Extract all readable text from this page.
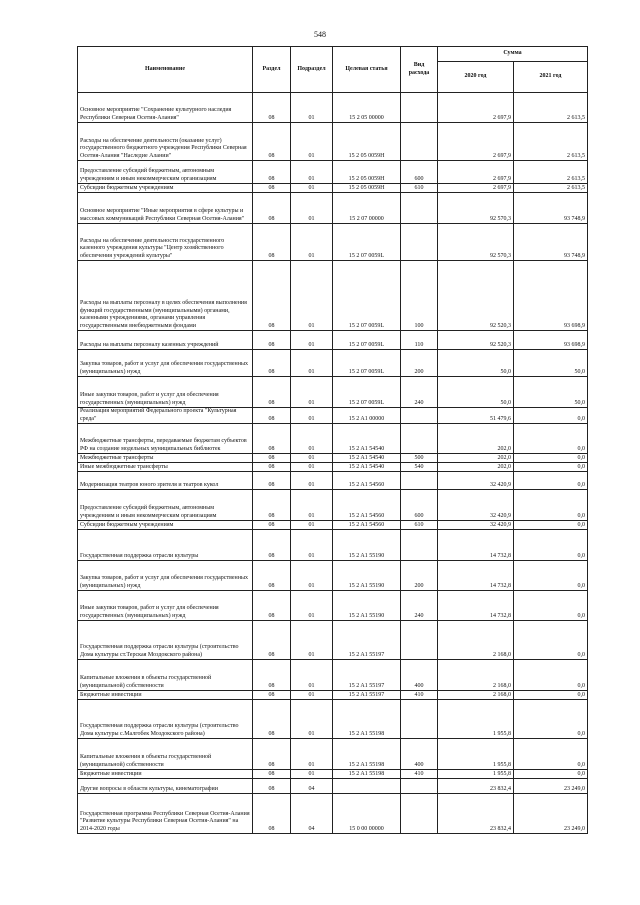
548
Наименование	Раздел	Подраздел	Целевая статья	Вид расхода	Сумма	
					2020 год	2021 год
Основное мероприятие "Сохранение культурного наследия Республики Северная Осетия-Алания"	08	01	15 2 05 00000		2 697,9	2 613,5
Расходы на обеспечение деятельности (оказание услуг) государственного бюджетного учреждения Республики Северная Осетия-Алания "Наследие Алании"	08	01	15 2 05 0059Н		2 697,9	2 613,5
Предоставление субсидий бюджетным, автономным учреждениям и иным некоммерческим организациям	08	01	15 2 05 0059Н	600	2 697,9	2 613,5
Субсидии бюджетным учреждениям	08	01	15 2 05 0059Н	610	2 697,9	2 613,5
Основное мероприятие "Иные мероприятия в сфере культуры и массовых коммуникаций Республики Северная Осетия-Алания"	08	01	15 2 07 00000		92 570,3	93 748,9
Расходы на обеспечение деятельности государственного казенного учреждения культуры "Центр хозяйственного обеспечения учреждений культуры"	08	01	15 2 07 0059L		92 570,3	93 748,9
Расходы на выплаты персоналу в целях обеспечения выполнения функций государственными (муниципальными) органами, казенными учреждениями, органами управления государственными внебюджетными фондами	08	01	15 2 07 0059L	100	92 520,3	93 698,9
Расходы на выплаты персоналу казенных учреждений	08	01	15 2 07 0059L	110	92 520,3	93 698,9
Закупка товаров, работ и услуг для обеспечения государственных (муниципальных) нужд	08	01	15 2 07 0059L	200	50,0	50,0
Иные закупки товаров, работ и услуг для обеспечения государственных (муниципальных) нужд	08	01	15 2 07 0059L	240	50,0	50,0
Реализация мероприятий Федерального проекта "Культурная среда"	08	01	15 2 A1 00000		51 479,6	0,0
Межбюджетные трансферты, передаваемые бюджетам субъектов РФ на создание модельных муниципальных библиотек	08	01	15 2 A1 54540		202,0	0,0
Межбюджетные трансферты	08	01	15 2 A1 54540	500	202,0	0,0
Иные межбюджетные трансферты	08	01	15 2 A1 54540	540	202,0	0,0
Модернизация театров юного зрителя и театров кукол	08	01	15 2 A1 54560		32 420,9	0,0
Предоставление субсидий бюджетным, автономным учреждениям и иным некоммерческим организациям	08	01	15 2 A1 54560	600	32 420,9	0,0
Субсидии бюджетным учреждениям	08	01	15 2 A1 54560	610	32 420,9	0,0
Государственная поддержка отрасли культуры	08	01	15 2 A1 55190		14 732,8	0,0
Закупка товаров, работ и услуг для обеспечения государственных (муниципальных) нужд	08	01	15 2 A1 55190	200	14 732,8	0,0
Иные закупки товаров, работ и услуг для обеспечения государственных (муниципальных) нужд	08	01	15 2 A1 55190	240	14 732,8	0,0
Государственная поддержка отрасли культуры (строительство Дома культуры ст.Терская Моздокского района)	08	01	15 2 A1 55197		2 168,0	0,0
Капитальные вложения в объекты государственной (муниципальной) собственности	08	01	15 2 A1 55197	400	2 168,0	0,0
Бюджетные инвестиции	08	01	15 2 A1 55197	410	2 168,0	0,0
Государственная поддержка отрасли культуры (строительство Дома культуры с.Малгобек Моздокского района)	08	01	15 2 A1 55198		1 955,8	0,0
Капитальные вложения в объекты государственной (муниципальной) собственности	08	01	15 2 A1 55198	400	1 955,8	0,0
Бюджетные инвестиции	08	01	15 2 A1 55198	410	1 955,8	0,0
Другие вопросы в области культуры, кинематографии	08	04			23 832,4	23 249,0
Государственная программа Республики Северная Осетия-Алания "Развитие культуры Республики Северная Осетия-Алания" на 2014-2020 годы	08	04	15 0 00 00000		23 832,4	23 249,0
